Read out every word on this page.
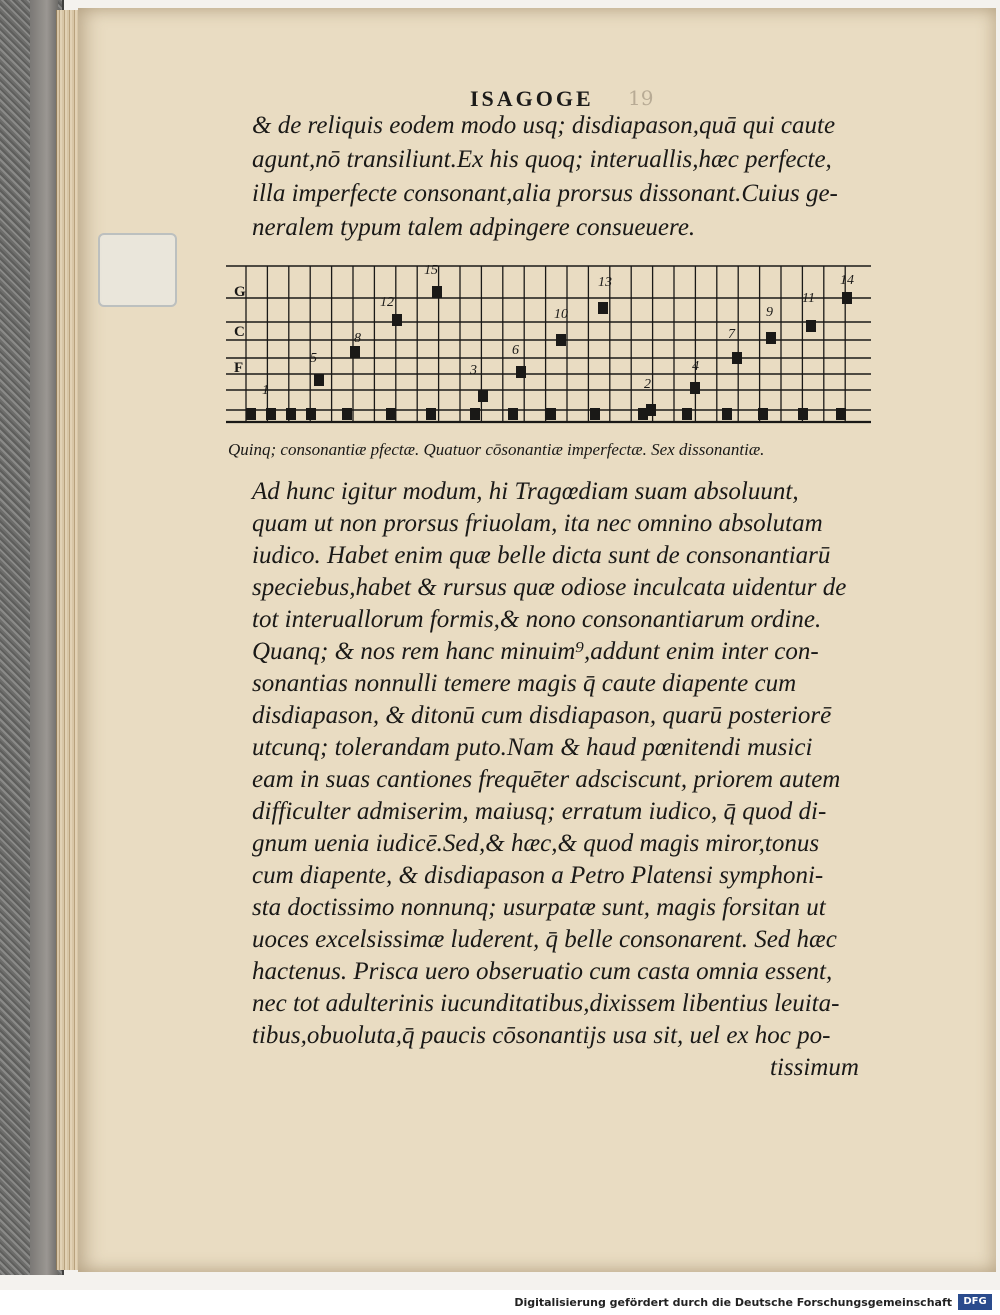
ISAGOGE 19
& de reliquis eodem modo usq; disdiapason,quā qui caute
agunt,nō transiliunt.Ex his quoq; interuallis,hæc perfecte,
illa imperfecte consonant,alia prorsus dissonant.Cuius ge-
neralem typum talem adpingere consueuere.
G
C
F
1
5
8
12
15
3
6
10
13
2
4
7
9
11
14
Quinq; consonantiæ pfectæ. Quatuor cōsonantiæ imperfectæ. Sex dissonantiæ.
Ad hunc igitur modum, hi Tragœdiam suam absoluunt,
quam ut non prorsus friuolam, ita nec omnino absolutam
iudico. Habet enim quæ belle dicta sunt de consonantiarū
speciebus,habet & rursus quæ odiose inculcata uidentur de
tot interuallorum formis,& nono consonantiarum ordine.
Quanq; & nos rem hanc minuim⁹,addunt enim inter con-
sonantias nonnulli temere magis q̄ caute diapente cum
disdiapason, & ditonū cum disdiapason, quarū posteriorē
utcunq; tolerandam puto.Nam & haud pœnitendi musici
eam in suas cantiones frequēter adsciscunt, priorem autem
difficulter admiserim, maiusq; erratum iudico, q̄ quod di-
gnum uenia iudicē.Sed,& hæc,& quod magis miror,tonus
cum diapente, & disdiapason a Petro Platensi symphoni-
sta doctissimo nonnunq; usurpatæ sunt, magis forsitan ut
uoces excelsissimæ luderent, q̄ belle consonarent. Sed hæc
hactenus. Prisca uero obseruatio cum casta omnia essent,
nec tot adulterinis iucunditatibus,dixissem libentius leuita-
tibus,obuoluta,q̄ paucis cōsonantijs usa sit, uel ex hoc po-
tissimum
Digitalisierung gefördert durch die Deutsche Forschungsgemeinschaft	DFG
